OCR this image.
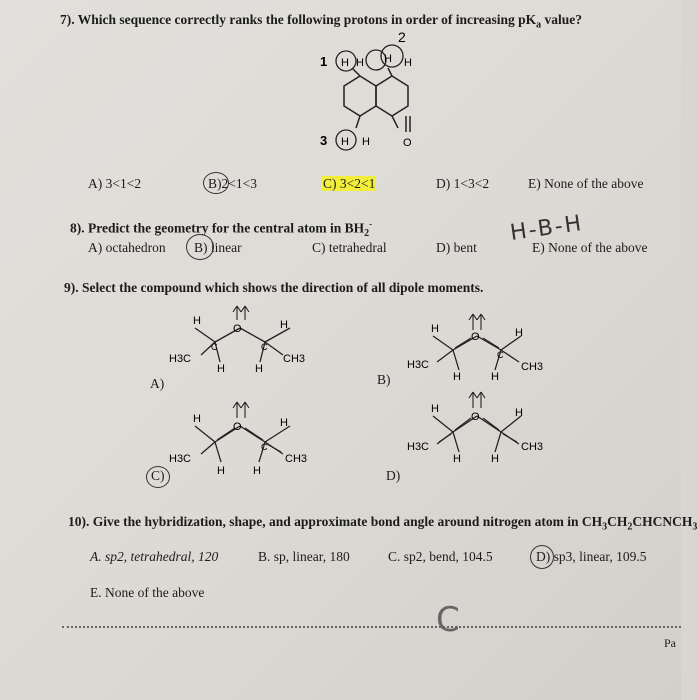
7). Which sequence correctly ranks the following protons in order of increasing $pK_a$ value?
1
2
H H H H
3 H H	O
A) 3<1<2	B)2<1<3	C) 3<2<1	D) 1<3<2	E) None of the above
8). Predict the geometry for the central atom in $BH_2^-$	H-B-H
A) octahedron B) linear	C) tetrahedral	D) bent	E) None of the above
9). Select the compound which shows the direction of all dipole moments.
H
O	H
C	C
H3C	CH3
H	H
A)
H
O	H
C
H3C	CH3
H	H
B)
H
O	H
C
H3C	CH3
H	H
C)
H
O	H
H3C	CH3
H	H
D)
10). Give the hybridization, shape, and approximate bond angle around nitrogen atom in $CH_3CH_2CHCNCH_3$
A. sp2, tetrahedral, 120	B. sp, linear, 180	C. sp2, bend, 104.5	D) sp3, linear, 109.5
E. None of the above
C
Pa
